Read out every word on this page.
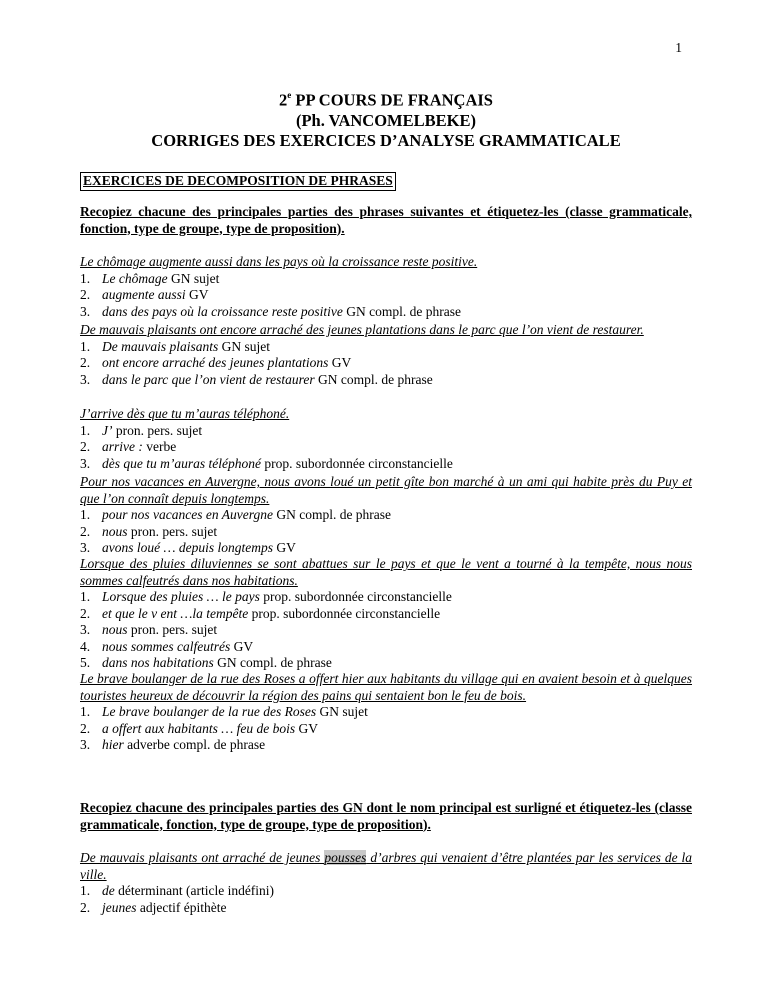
1
2e PP COURS DE FRANÇAIS
(Ph. VANCOMELBEKE)
CORRIGES DES EXERCICES D’ANALYSE GRAMMATICALE
EXERCICES DE DECOMPOSITION DE PHRASES
Recopiez chacune des principales parties des phrases suivantes et étiquetez-les (classe grammaticale, fonction, type de groupe, type de proposition).
Le chômage augmente aussi dans les pays où la croissance reste positive.
1. Le chômage GN sujet
2. augmente aussi GV
3. dans des pays où la croissance reste positive GN compl. de phrase
De mauvais plaisants ont encore arraché des jeunes plantations dans le parc que l’on vient de restaurer.
1. De mauvais plaisants GN sujet
2. ont encore arraché des jeunes plantations GV
3. dans le parc que l’on vient de restaurer GN compl. de phrase
J’arrive dès que tu m’auras téléphoné.
1. J’ pron. pers. sujet
2. arrive : verbe
3. dès que tu m’auras téléphoné prop. subordonnée circonstancielle
Pour nos vacances en Auvergne, nous avons loué un petit gîte bon marché à un ami qui habite près du Puy et que l’on connaît depuis longtemps.
1. pour nos vacances en Auvergne GN compl. de phrase
2. nous pron. pers. sujet
3. avons loué … depuis longtemps GV
Lorsque des pluies diluviennes se sont abattues sur le pays et que le vent a tourné à la tempête, nous nous sommes calfeutrés dans nos habitations.
1. Lorsque des pluies … le pays prop. subordonnée circonstancielle
2. et que le v ent …la tempête prop. subordonnée circonstancielle
3. nous pron. pers. sujet
4. nous sommes calfeutrés GV
5. dans nos habitations GN compl. de phrase
Le brave boulanger de la rue des Roses a offert hier aux habitants du village qui en avaient besoin et à quelques touristes heureux de découvrir la région des pains qui sentaient bon le feu de bois.
1. Le brave boulanger de la rue des Roses GN sujet
2. a offert aux habitants … feu de bois GV
3. hier adverbe compl. de phrase
Recopiez chacune des principales parties des GN dont le nom principal est surligné et étiquetez-les (classe grammaticale, fonction, type de groupe, type de proposition).
De mauvais plaisants ont arraché de jeunes pousses d’arbres qui venaient d’être plantées par les services de la ville.
1. de déterminant (article indéfini)
2. jeunes adjectif épithète
